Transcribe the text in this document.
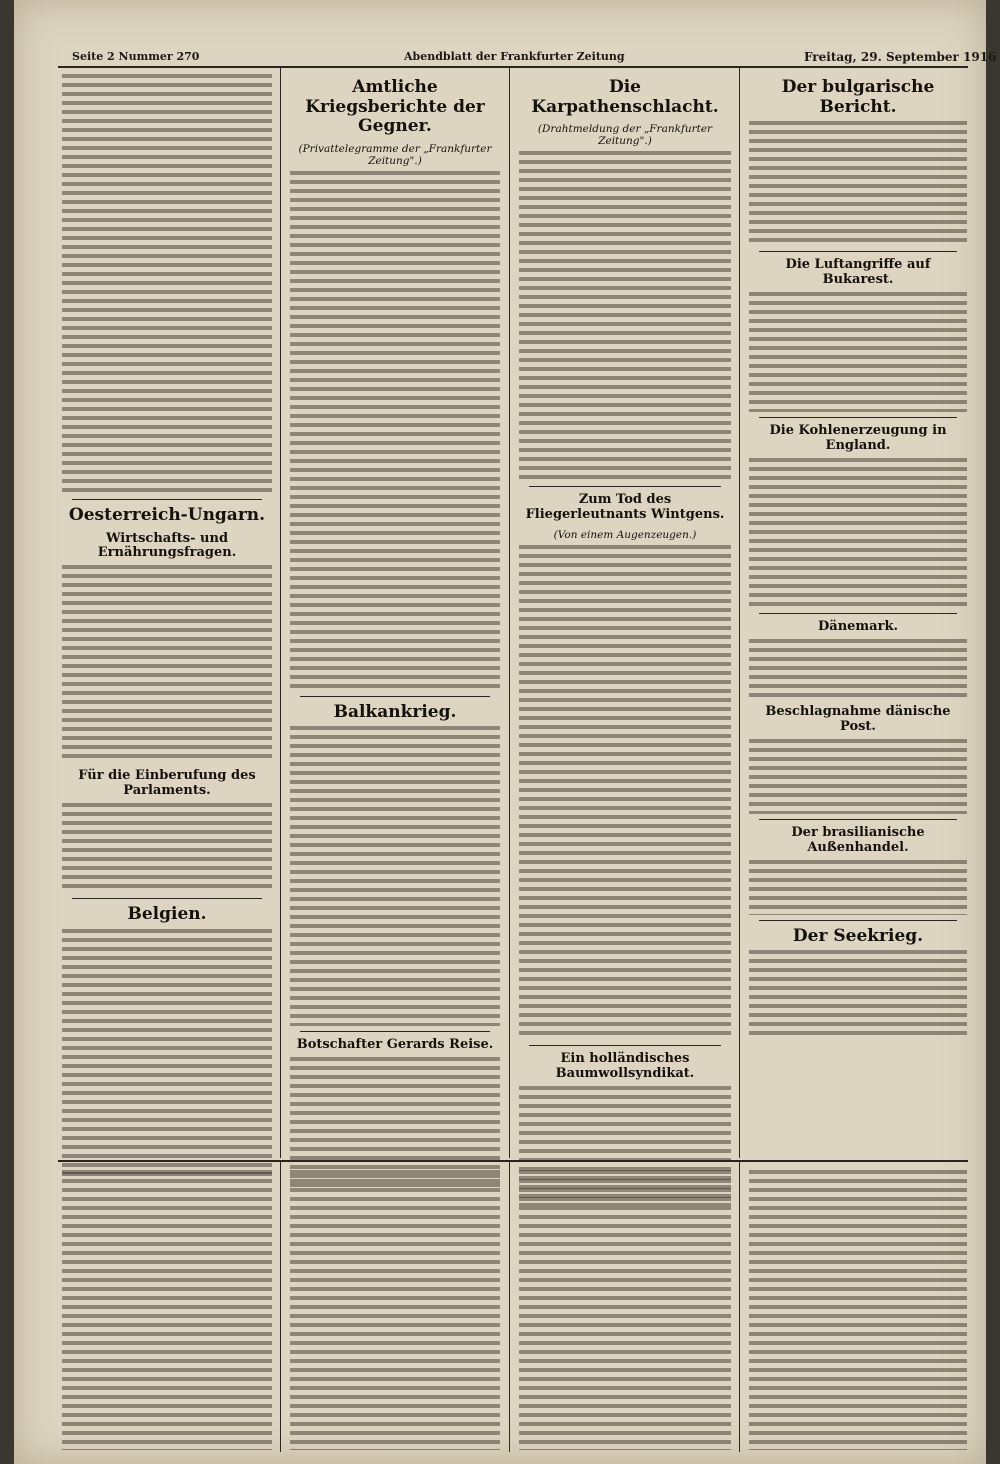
Seite 2 Nummer 270	Abendblatt der Frankfurter Zeitung	Freitag, 29. September 1916
Oesterreich-Ungarn.
Wirtschafts- und Ernährungsfragen.
Für die Einberufung des Parlaments.
Belgien.
Amtliche Kriegsberichte der Gegner.
(Privattelegramme der „Frankfurter Zeitung".)
Balkankrieg.
Botschafter Gerards Reise.
Die Karpathenschlacht.
(Drahtmeldung der „Frankfurter Zeitung".)
Zum Tod des Fliegerleutnants Wintgens.
(Von einem Augenzeugen.)
Ein holländisches Baumwollsyndikat.
Der bulgarische Bericht.
Die Luftangriffe auf Bukarest.
Die Kohlenerzeugung in England.
Dänemark.
Beschlagnahme dänische Post.
Der brasilianische Außenhandel.
Der Seekrieg.
